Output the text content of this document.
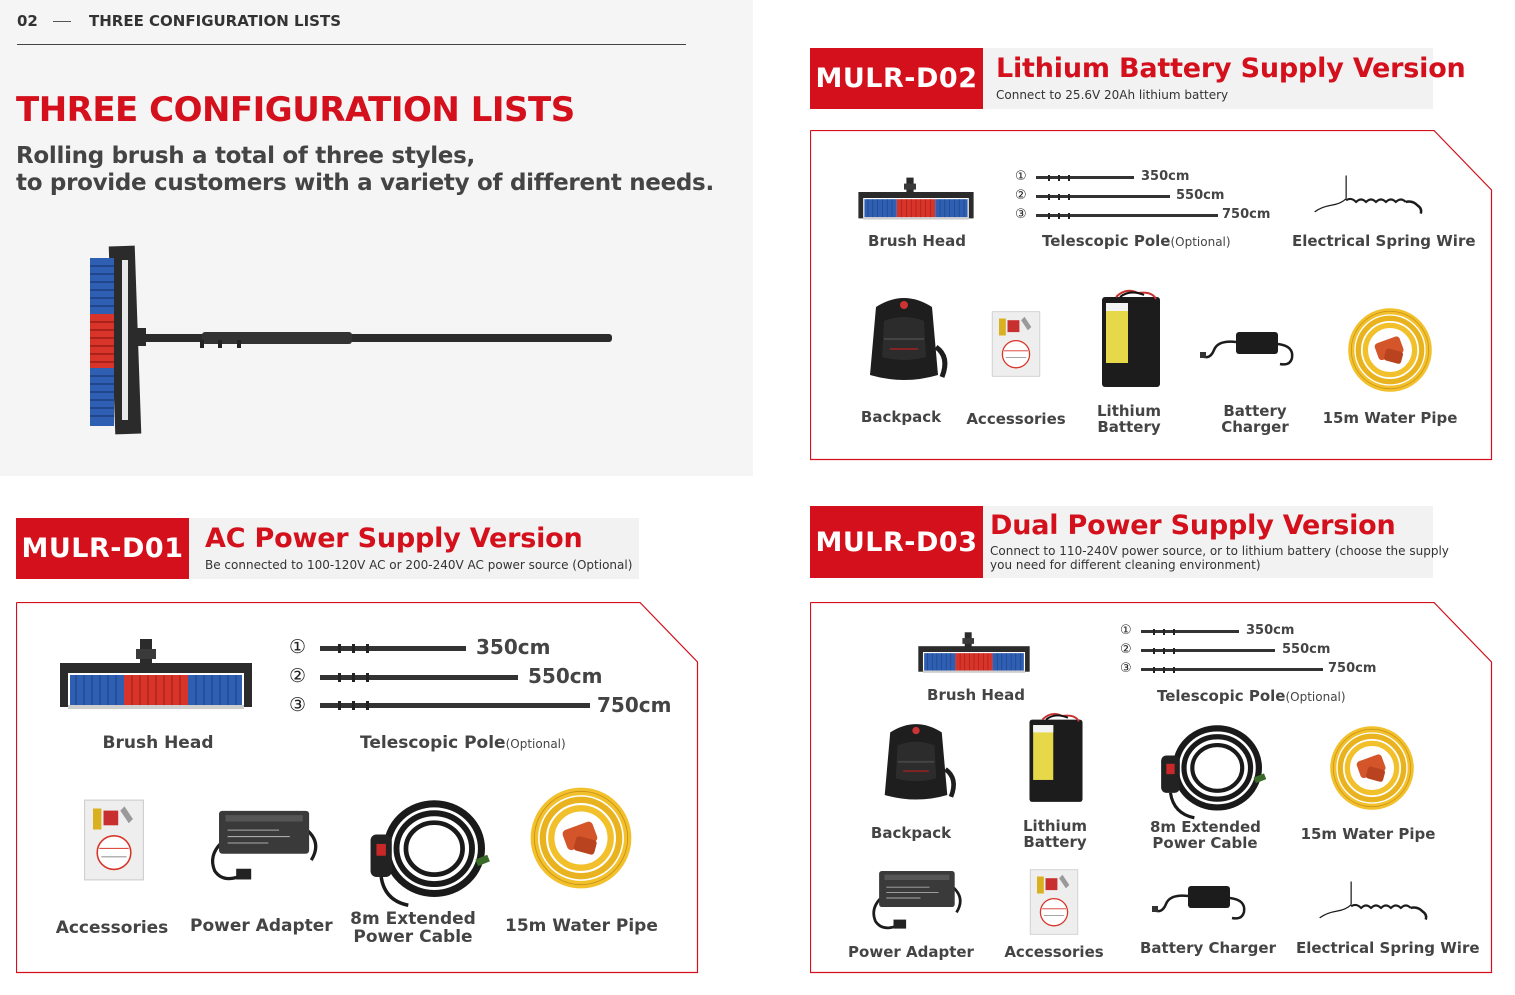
02	THREE CONFIGURATION LISTS
THREE CONFIGURATION LISTS
Rolling brush a total of three styles,
to provide customers with a variety of different needs.
MULR-D01 AC Power Supply Version
Be connected to 100-120V AC or 200-240V AC power source (Optional)
Brush Head
①
②
③
350cm
550cm
750cm
Telescopic Pole(Optional)
Accessories Power Adapter 8m Extended
Power Cable
15m Water Pipe
MULR-D02 Lithium Battery Supply Version
Connect to 25.6V 20Ah lithium battery
Brush Head
①
②
③
350cm
550cm
750cm
Telescopic Pole(Optional)	Electrical Spring Wire
Backpack	Accessories	Lithium
Battery
Battery
Charger	15m Water Pipe
MULR-D03
Dual Power Supply Version
Connect to 110-240V power source, or to lithium battery (choose the supply
you need for different cleaning environment)
Brush Head
①
②
③
350cm
550cm
750cm
Telescopic Pole(Optional)
Backpack	Lithium
Battery
8m Extended
Power Cable	15m Water Pipe
Power Adapter	Accessories	Battery Charger Electrical Spring Wire
